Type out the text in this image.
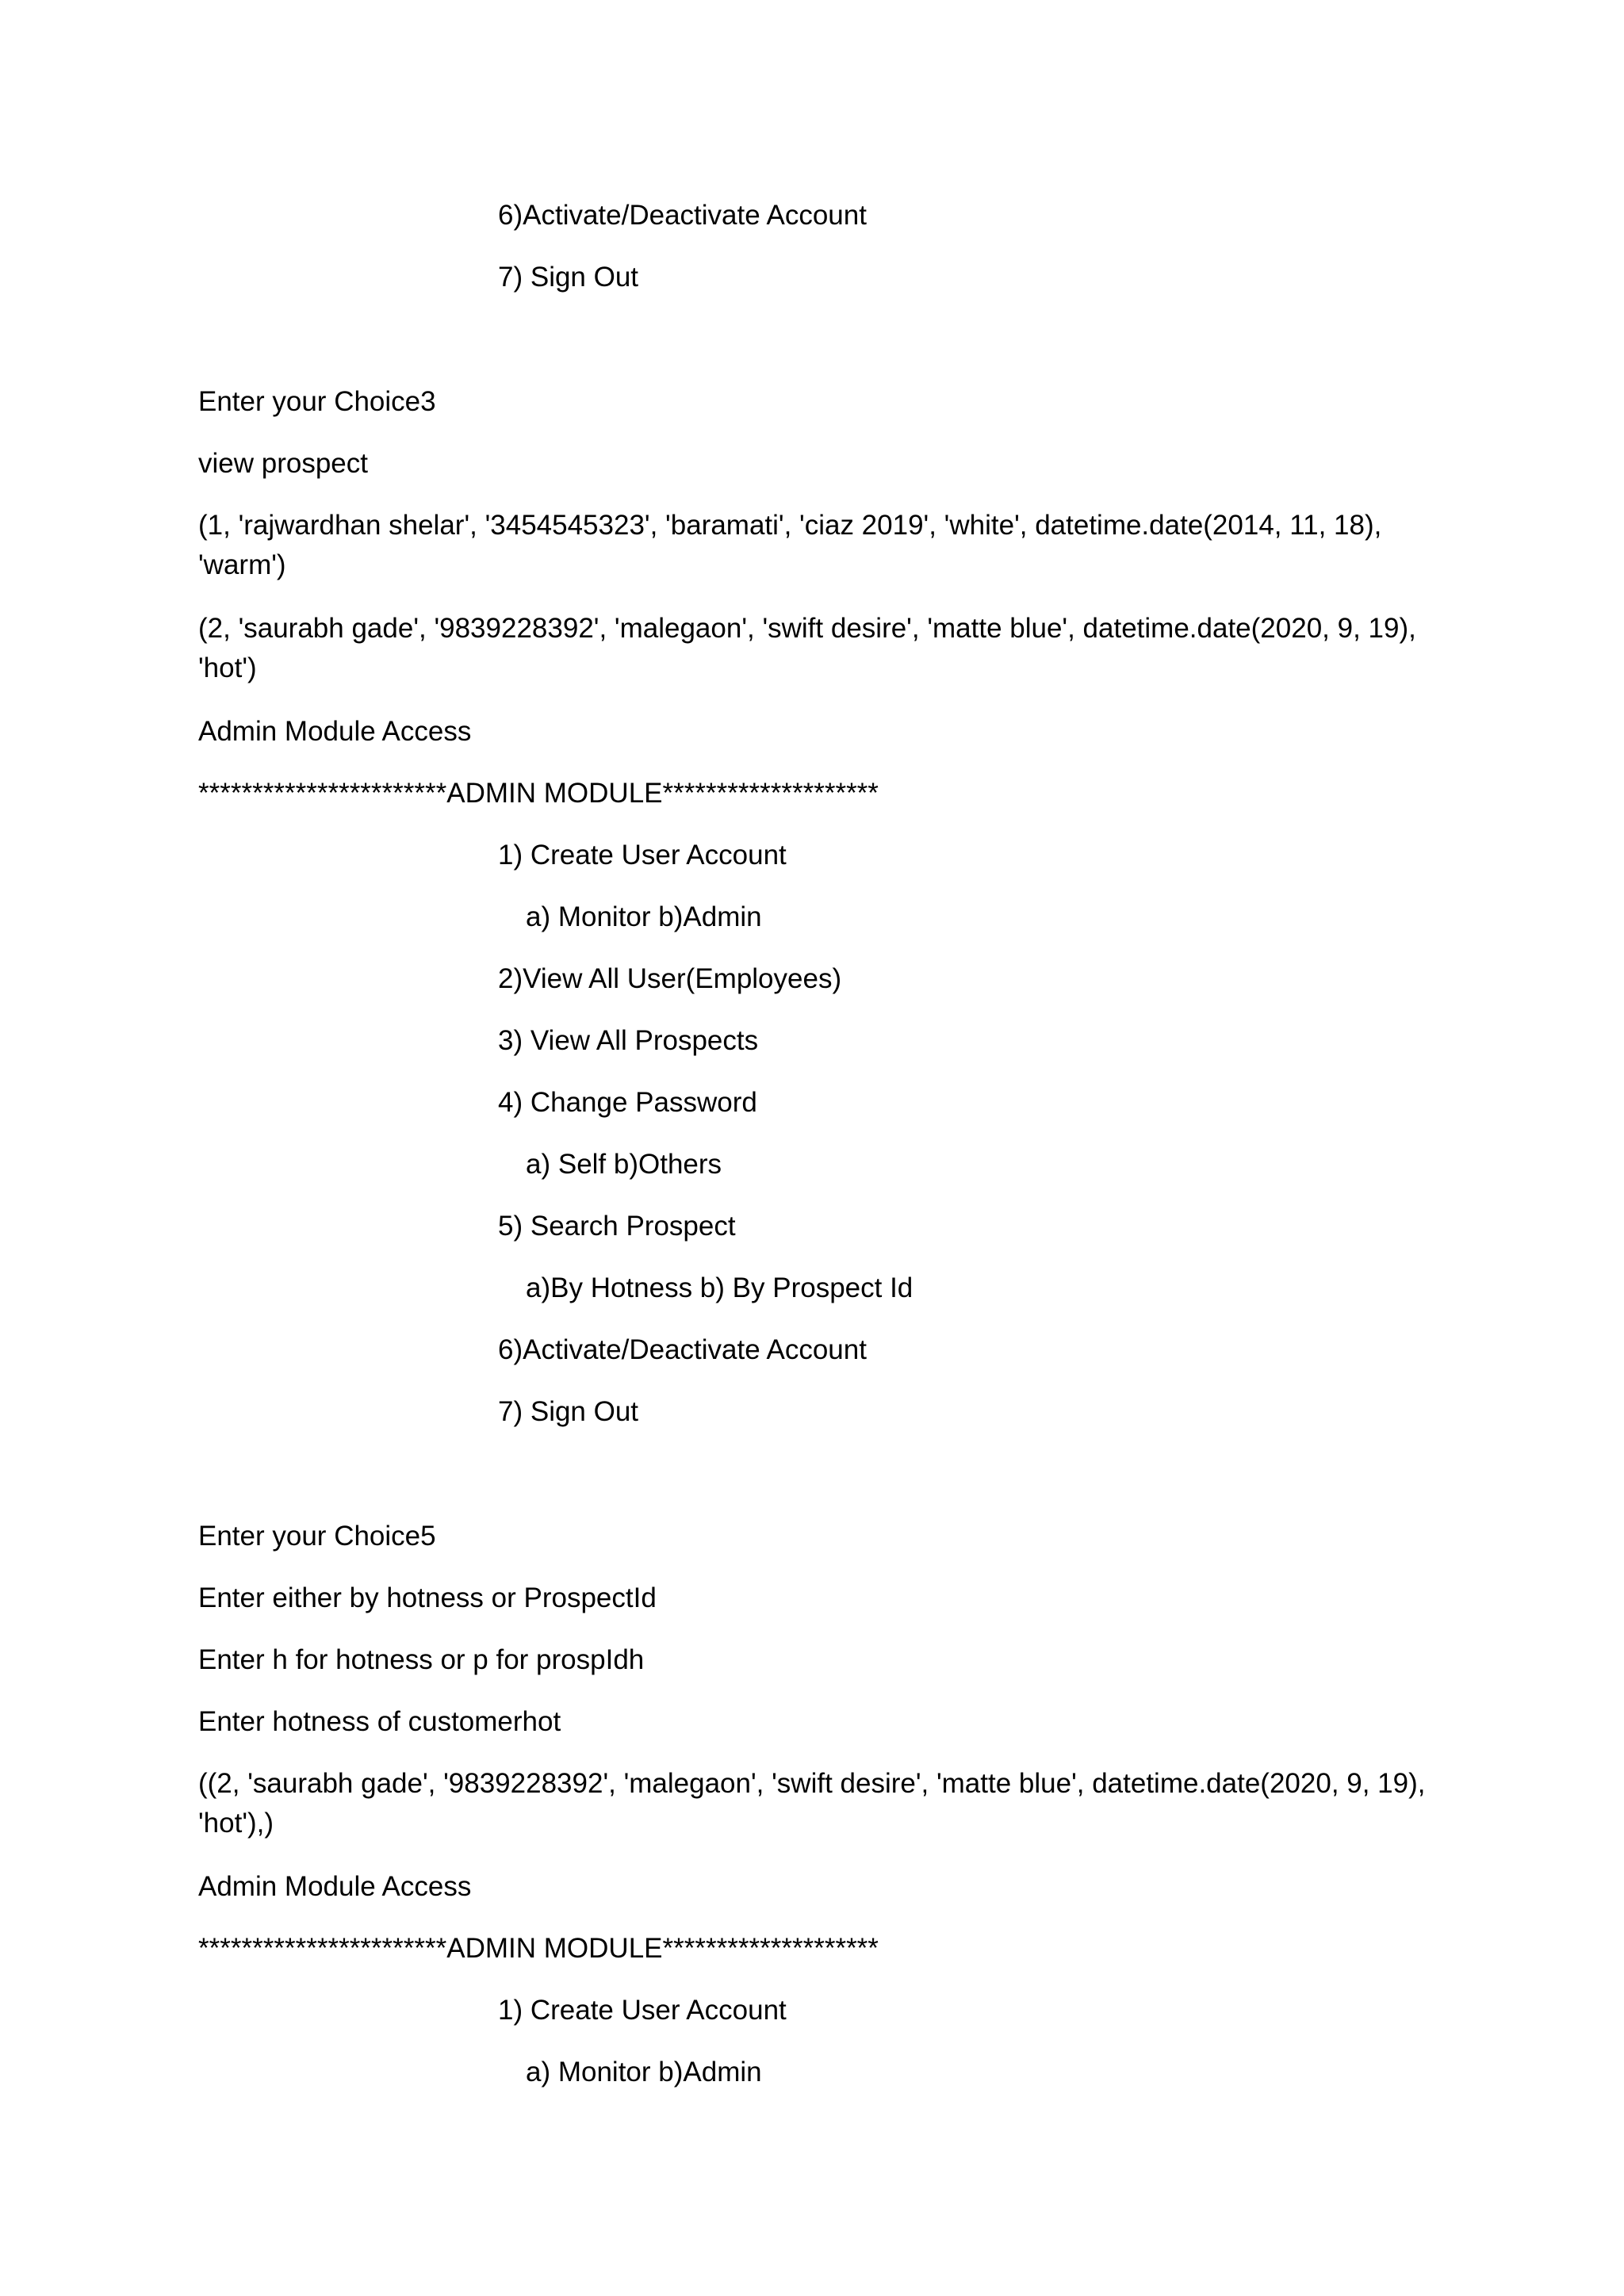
6)Activate/Deactivate Account
7) Sign Out
Enter your Choice3
view prospect
(1, 'rajwardhan shelar', '3454545323', 'baramati', 'ciaz 2019', 'white', datetime.date(2014, 11, 18), 'warm')
(2, 'saurabh gade', '9839228392', 'malegaon', 'swift desire', 'matte blue', datetime.date(2020, 9, 19), 'hot')
Admin Module Access
***********************ADMIN MODULE********************
1) Create User Account
a) Monitor b)Admin
2)View All User(Employees)
3) View All Prospects
4) Change Password
a) Self b)Others
5) Search Prospect
a)By Hotness b) By Prospect Id
6)Activate/Deactivate Account
7) Sign Out
Enter your Choice5
Enter either by hotness or ProspectId
Enter h for hotness or p for prospIdh
Enter hotness of customerhot
((2, 'saurabh gade', '9839228392', 'malegaon', 'swift desire', 'matte blue', datetime.date(2020, 9, 19), 'hot'),)
Admin Module Access
***********************ADMIN MODULE********************
1) Create User Account
a) Monitor b)Admin
